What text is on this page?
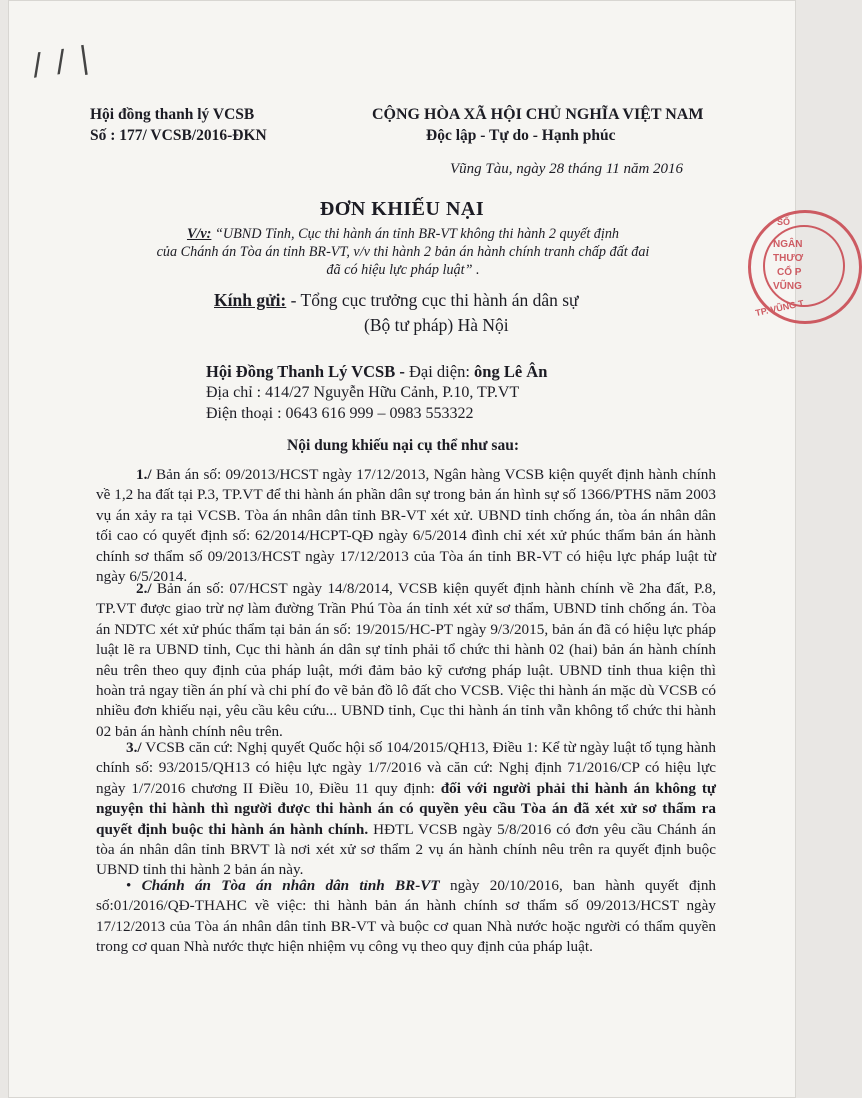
/ / |
Hội đồng thanh lý VCSB
Số : 177/ VCSB/2016-ĐKN
CỘNG HÒA XÃ HỘI CHỦ NGHĨA VIỆT NAM
Độc lập - Tự do - Hạnh phúc
Vũng Tàu, ngày 28 tháng 11 năm 2016
ĐƠN KHIẾU NẠI
V/v: “UBND Tỉnh, Cục thi hành án tỉnh BR-VT không thi hành 2 quyết định
của Chánh án Tòa án tỉnh BR-VT, v/v thi hành 2 bản án hành chính tranh chấp đất đai
đã có hiệu lực pháp luật” .
Kính gửi: - Tổng cục trưởng cục thi hành án dân sự
(Bộ tư pháp) Hà Nội
Hội Đồng Thanh Lý VCSB - Đại diện: ông Lê Ân
Địa chỉ : 414/27 Nguyễn Hữu Cảnh, P.10, TP.VT
Điện thoại : 0643 616 999 – 0983 553322
Nội dung khiếu nại cụ thể như sau:
1./ Bản án số: 09/2013/HCST ngày 17/12/2013, Ngân hàng VCSB kiện quyết định hành chính về 1,2 ha đất tại P.3, TP.VT để thi hành án phần dân sự trong bản án hình sự số 1366/PTHS năm 2003 vụ án xảy ra tại VCSB. Tòa án nhân dân tỉnh BR-VT xét xử. UBND tỉnh chống án, tòa án nhân dân tối cao có quyết định số: 62/2014/HCPT-QĐ ngày 6/5/2014 đình chỉ xét xử phúc thẩm bản án hành chính sơ thẩm số 09/2013/HCST ngày 17/12/2013 của Tòa án tỉnh BR-VT có hiệu lực pháp luật từ ngày 6/5/2014.
2./ Bản án số: 07/HCST ngày 14/8/2014, VCSB kiện quyết định hành chính về 2ha đất, P.8, TP.VT được giao trừ nợ làm đường Trần Phú Tòa án tỉnh xét xử sơ thẩm, UBND tỉnh chống án. Tòa án NDTC xét xử phúc thẩm tại bản án số: 19/2015/HC-PT ngày 9/3/2015, bản án đã có hiệu lực pháp luật lẽ ra UBND tỉnh, Cục thi hành án dân sự tỉnh phải tổ chức thi hành 02 (hai) bản án hành chính nêu trên theo quy định của pháp luật, mới đảm bảo kỹ cương pháp luật. UBND tỉnh thua kiện thì hoàn trả ngay tiền án phí và chi phí đo vẽ bản đồ lô đất cho VCSB. Việc thi hành án mặc dù VCSB có nhiều đơn khiếu nại, yêu cầu kêu cứu... UBND tỉnh, Cục thi hành án tỉnh vẫn không tổ chức thi hành 02 bản án hành chính nêu trên.
3./ VCSB căn cứ: Nghị quyết Quốc hội số 104/2015/QH13, Điều 1: Kể từ ngày luật tố tụng hành chính số: 93/2015/QH13 có hiệu lực ngày 1/7/2016 và căn cứ: Nghị định 71/2016/CP có hiệu lực ngày 1/7/2016 chương II Điều 10, Điều 11 quy định: đối với người phải thi hành án không tự nguyện thi hành thì người được thi hành án có quyền yêu cầu Tòa án đã xét xử sơ thẩm ra quyết định buộc thi hành án hành chính. HĐTL VCSB ngày 5/8/2016 có đơn yêu cầu Chánh án tòa án nhân dân tỉnh BRVT là nơi xét xử sơ thẩm 2 vụ án hành chính nêu trên ra quyết định buộc UBND tỉnh thi hành 2 bản án này.
• Chánh án Tòa án nhân dân tỉnh BR-VT ngày 20/10/2016, ban hành quyết định số:01/2016/QĐ-THAHC về việc: thi hành bản án hành chính sơ thẩm số 09/2013/HCST ngày 17/12/2013 của Tòa án nhân dân tỉnh BR-VT và buộc cơ quan Nhà nước hoặc người có thẩm quyền trong cơ quan Nhà nước thực hiện nhiệm vụ công vụ theo quy định của pháp luật.
SỐ
NGÂN
THƯƠ
CỔ P
VŨNG
TP. VŨNG T
